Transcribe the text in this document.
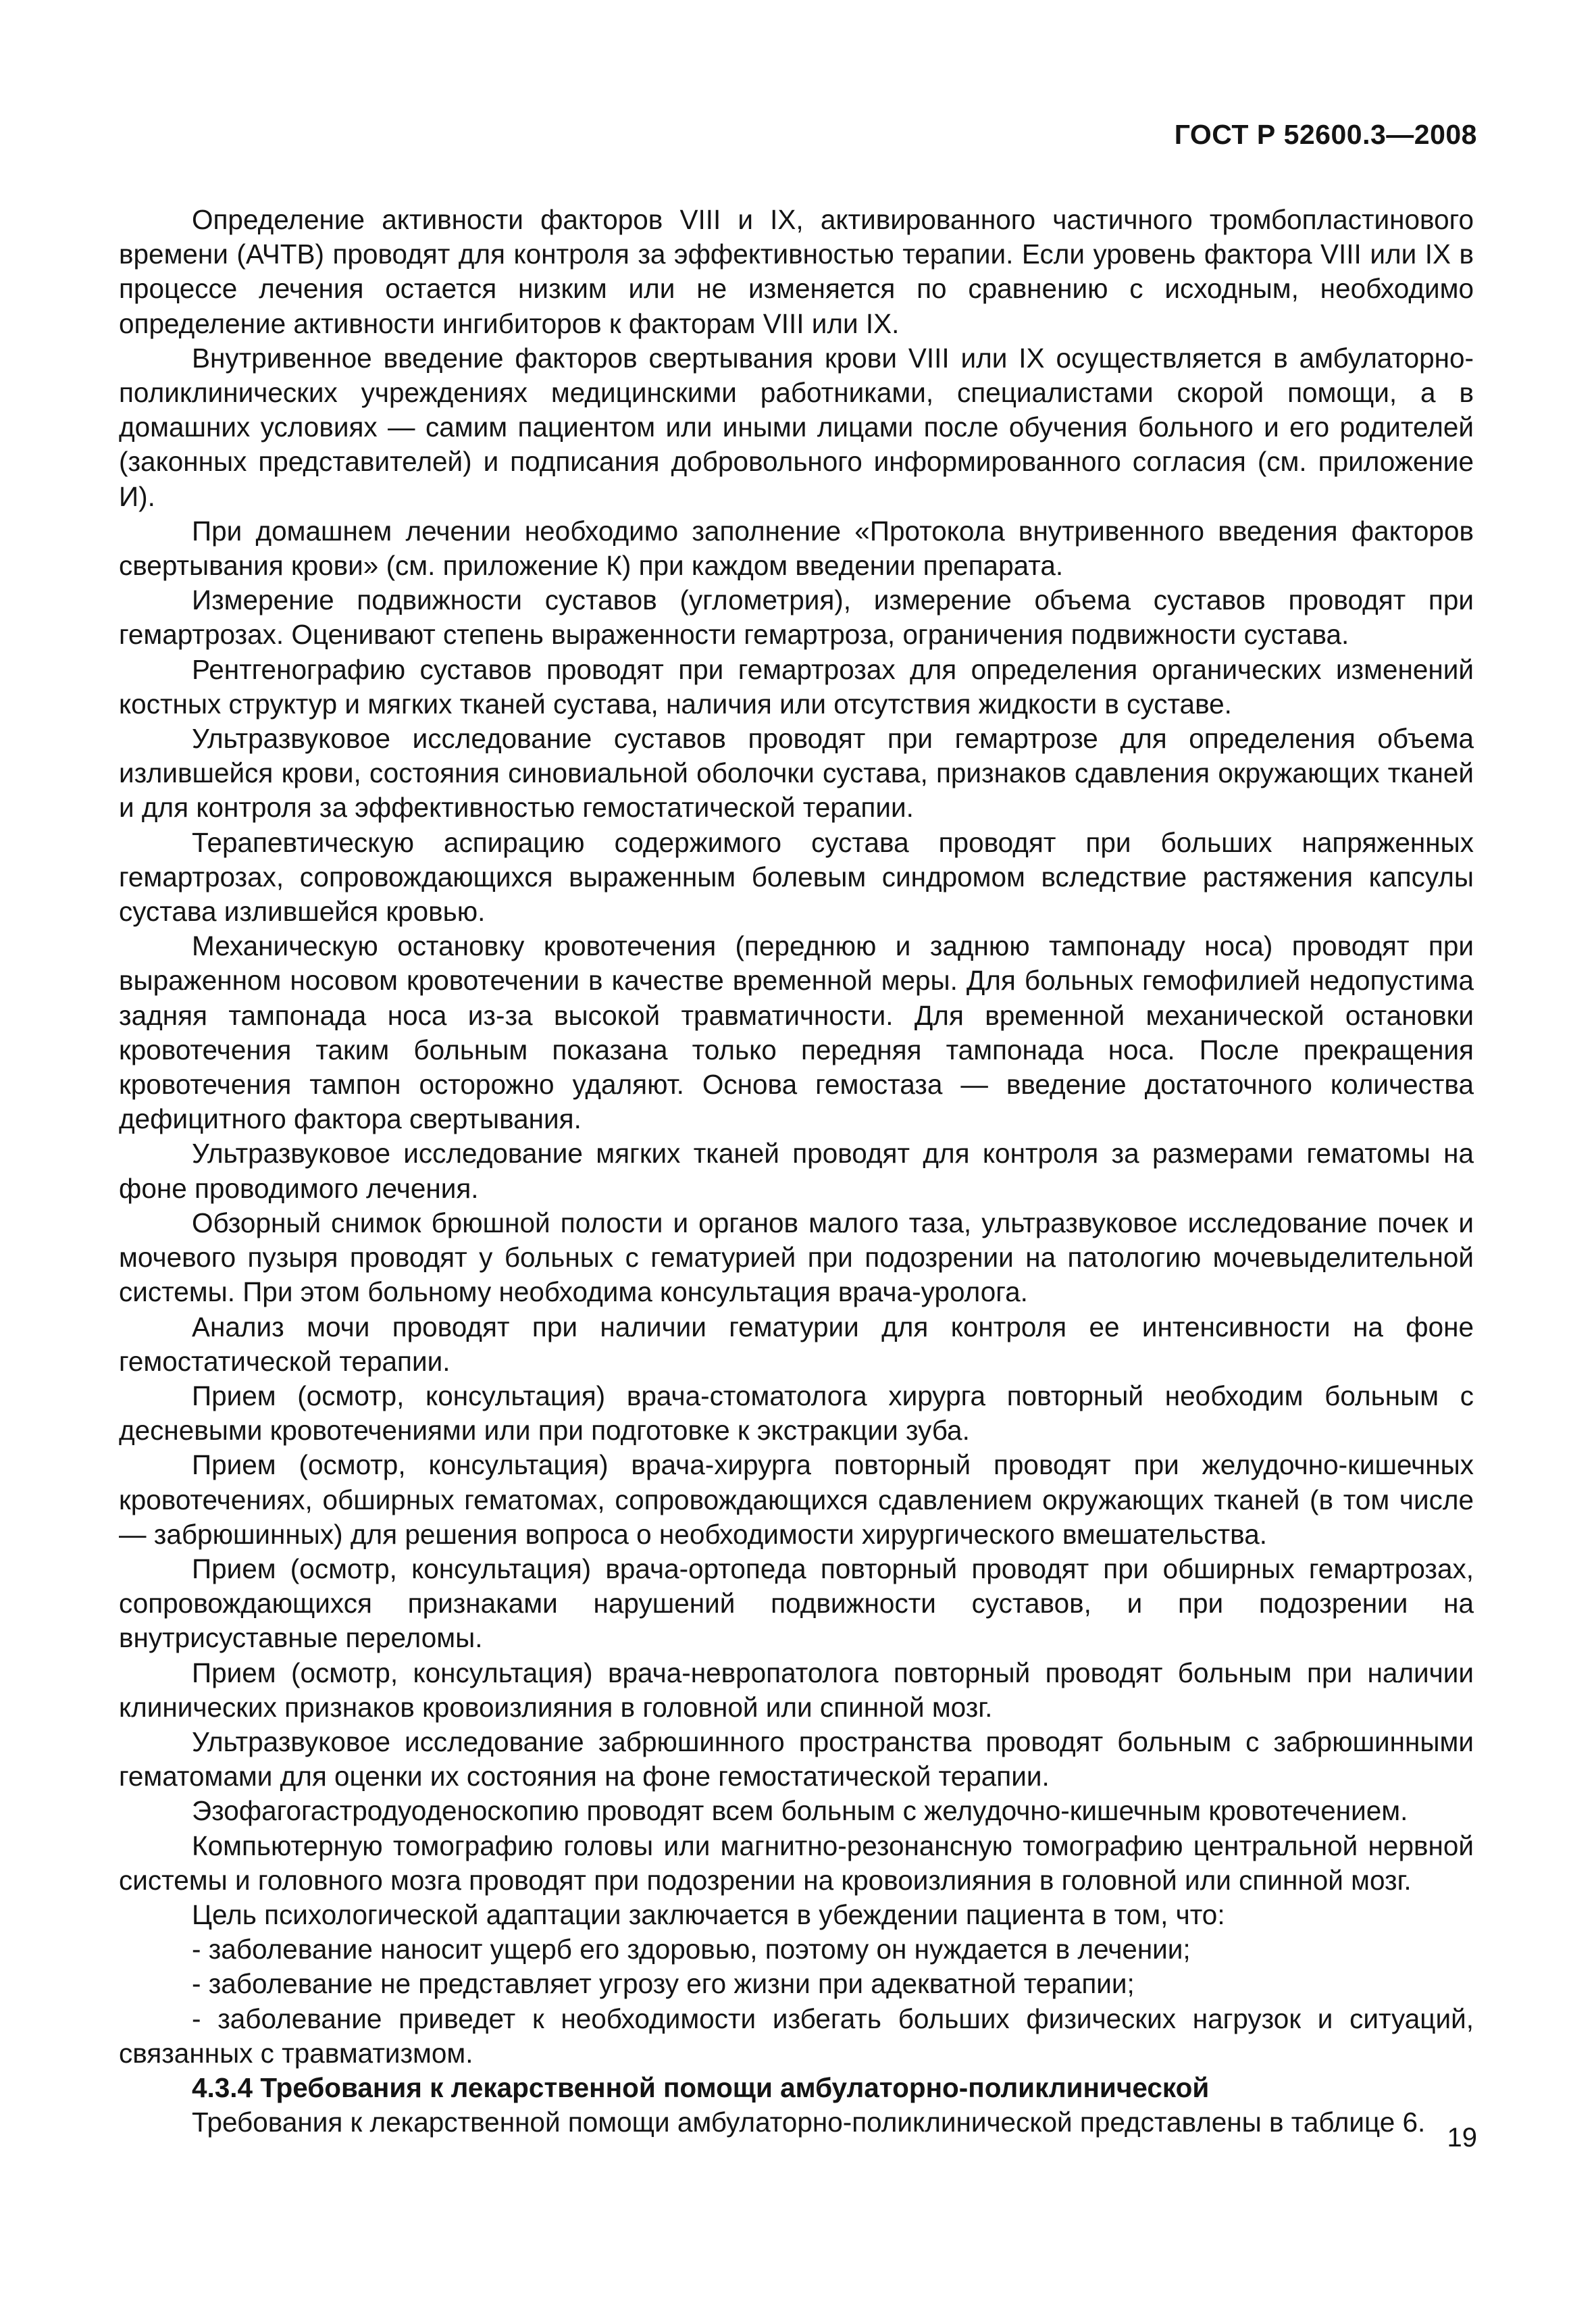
ГОСТ Р 52600.3—2008

Определение активности факторов VIII и IX, активированного частичного тромбопластинового времени (АЧТВ) проводят для контроля за эффективностью терапии. Если уровень фактора VIII или IX в процессе лечения остается низким или не изменяется по сравнению с исходным, необходимо определение активности ингибиторов к факторам VIII или IX.

Внутривенное введение факторов свертывания крови VIII или IX осуществляется в амбулаторно-поликлинических учреждениях медицинскими работниками, специалистами скорой помощи, а в домашних условиях — самим пациентом или иными лицами после обучения больного и его родителей (законных представителей) и подписания добровольного информированного согласия (см. приложение И).

При домашнем лечении необходимо заполнение «Протокола внутривенного введения факторов свертывания крови» (см. приложение К) при каждом введении препарата.

Измерение подвижности суставов (углометрия), измерение объема суставов проводят при гемартрозах. Оценивают степень выраженности гемартроза, ограничения подвижности сустава.

Рентгенографию суставов проводят при гемартрозах для определения органических изменений костных структур и мягких тканей сустава, наличия или отсутствия жидкости в суставе.

Ультразвуковое исследование суставов проводят при гемартрозе для определения объема излившейся крови, состояния синовиальной оболочки сустава, признаков сдавления окружающих тканей и для контроля за эффективностью гемостатической терапии.

Терапевтическую аспирацию содержимого сустава проводят при больших напряженных гемартрозах, сопровождающихся выраженным болевым синдромом вследствие растяжения капсулы сустава излившейся кровью.

Механическую остановку кровотечения (переднюю и заднюю тампонаду носа) проводят при выраженном носовом кровотечении в качестве временной меры. Для больных гемофилией недопустима задняя тампонада носа из-за высокой травматичности. Для временной механической остановки кровотечения таким больным показана только передняя тампонада носа. После прекращения кровотечения тампон осторожно удаляют. Основа гемостаза — введение достаточного количества дефицитного фактора свертывания.

Ультразвуковое исследование мягких тканей проводят для контроля за размерами гематомы на фоне проводимого лечения.

Обзорный снимок брюшной полости и органов малого таза, ультразвуковое исследование почек и мочевого пузыря проводят у больных с гематурией при подозрении на патологию мочевыделительной системы. При этом больному необходима консультация врача-уролога.

Анализ мочи проводят при наличии гематурии для контроля ее интенсивности на фоне гемостатической терапии.

Прием (осмотр, консультация) врача-стоматолога хирурга повторный необходим больным с десневыми кровотечениями или при подготовке к экстракции зуба.

Прием (осмотр, консультация) врача-хирурга повторный проводят при желудочно-кишечных кровотечениях, обширных гематомах, сопровождающихся сдавлением окружающих тканей (в том числе — забрюшинных) для решения вопроса о необходимости хирургического вмешательства.

Прием (осмотр, консультация) врача-ортопеда повторный проводят при обширных гемартрозах, сопровождающихся признаками нарушений подвижности суставов, и при подозрении на внутрисуставные переломы.

Прием (осмотр, консультация) врача-невропатолога повторный проводят больным при наличии клинических признаков кровоизлияния в головной или спинной мозг.

Ультразвуковое исследование забрюшинного пространства проводят больным с забрюшинными гематомами для оценки их состояния на фоне гемостатической терапии.

Эзофагогастродуоденоскопию проводят всем больным с желудочно-кишечным кровотечением.

Компьютерную томографию головы или магнитно-резонансную томографию центральной нервной системы и головного мозга проводят при подозрении на кровоизлияния в головной или спинной мозг.

Цель психологической адаптации заключается в убеждении пациента в том, что:

- заболевание наносит ущерб его здоровью, поэтому он нуждается в лечении;

- заболевание не представляет угрозу его жизни при адекватной терапии;

- заболевание приведет к необходимости избегать больших физических нагрузок и ситуаций, связанных с травматизмом.

4.3.4 Требования к лекарственной помощи амбулаторно-поликлинической

Требования к лекарственной помощи амбулаторно-поликлинической представлены в таблице 6. 19
